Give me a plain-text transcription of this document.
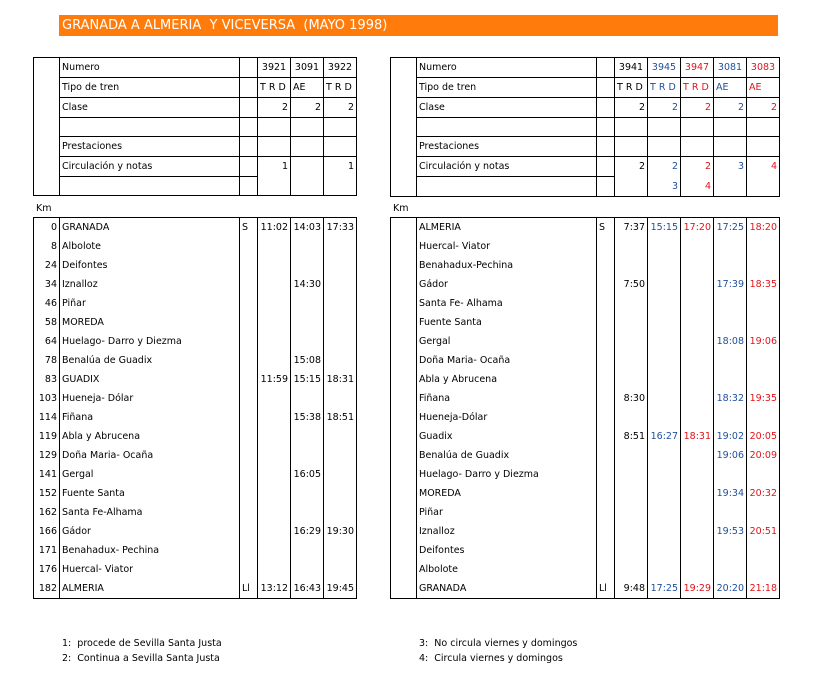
GRANADA A ALMERIA  Y VICEVERSA  (MAYO 1998)
	Numero		3921	3091	3922
	Tipo de tren		T R D	AE	T R D
	Clase		2	2	2

	Prestaciones				
	Circulación y notas		1		1

	Numero		3941	3945	3947	3081	3083
	Tipo de tren		T R D	T R D	T R D	AE	AE
	Clase		2	2	2	2	2

	Prestaciones						
	Circulación y notas		2	2	2	3	4
				3	4		
Km	Km
0	GRANADA	S	11:02	14:03	17:33
8	Albolote				
24	Deifontes				
34	Iznalloz			14:30	
46	Piñar				
58	MOREDA				
64	Huelago- Darro y Diezma				
78	Benalúa de Guadix			15:08	
83	GUADIX		11:59	15:15	18:31
103	Hueneja- Dólar				
114	Fiñana			15:38	18:51
119	Abla y Abrucena				
129	Doña Maria- Ocaña				
141	Gergal			16:05	
152	Fuente Santa				
162	Santa Fe-Alhama				
166	Gádor			16:29	19:30
171	Benahadux- Pechina				
176	Huercal- Viator				
182	ALMERIA	Ll	13:12	16:43	19:45
	ALMERIA	S	7:37	15:15	17:20	17:25	18:20
	Huercal- Viator						
	Benahadux-Pechina						
	Gádor		7:50			17:39	18:35
	Santa Fe- Alhama						
	Fuente Santa						
	Gergal					18:08	19:06
	Doña Maria- Ocaña						
	Abla y Abrucena						
	Fiñana		8:30			18:32	19:35
	Hueneja-Dólar						
	Guadix		8:51	16:27	18:31	19:02	20:05
	Benalúa de Guadix					19:06	20:09
	Huelago- Darro y Diezma						
	MOREDA					19:34	20:32
	Piñar						
	Iznalloz					19:53	20:51
	Deifontes						
	Albolote						
	GRANADA	Ll	9:48	17:25	19:29	20:20	21:18
1:  procede de Sevilla Santa Justa
2:  Continua a Sevilla Santa Justa
3:  No circula viernes y domingos
4:  Circula viernes y domingos
